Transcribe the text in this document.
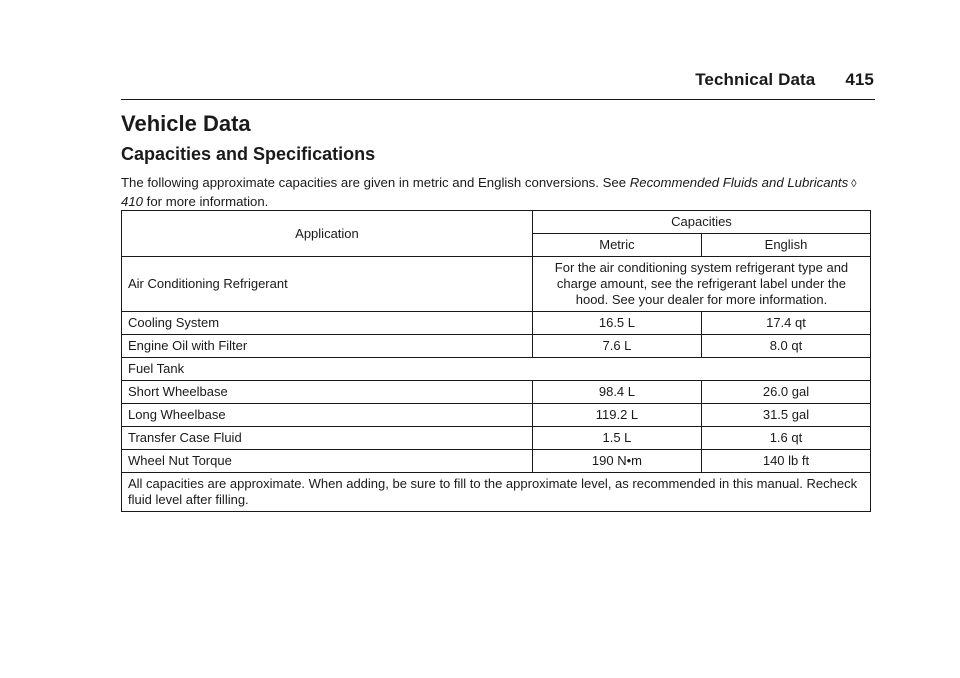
Technical Data 415
Vehicle Data
Capacities and Specifications

The following approximate capacities are given in metric and English conversions. See Recommended Fluids and Lubricants ◊410 for more information.

Application	Capacities	
	Metric	English
Air Conditioning Refrigerant	For the air conditioning system refrigerant type and charge amount, see the refrigerant label under the hood. See your dealer for more information.	
Cooling System	16.5 L	17.4 qt
Engine Oil with Filter	7.6 L	8.0 qt
Fuel Tank		
Short Wheelbase	98.4 L	26.0 gal
Long Wheelbase	119.2 L	31.5 gal
Transfer Case Fluid	1.5 L	1.6 qt
Wheel Nut Torque	190 N•m	140 lb ft
All capacities are approximate. When adding, be sure to fill to the approximate level, as recommended in this manual. Recheck fluid level after filling.		
